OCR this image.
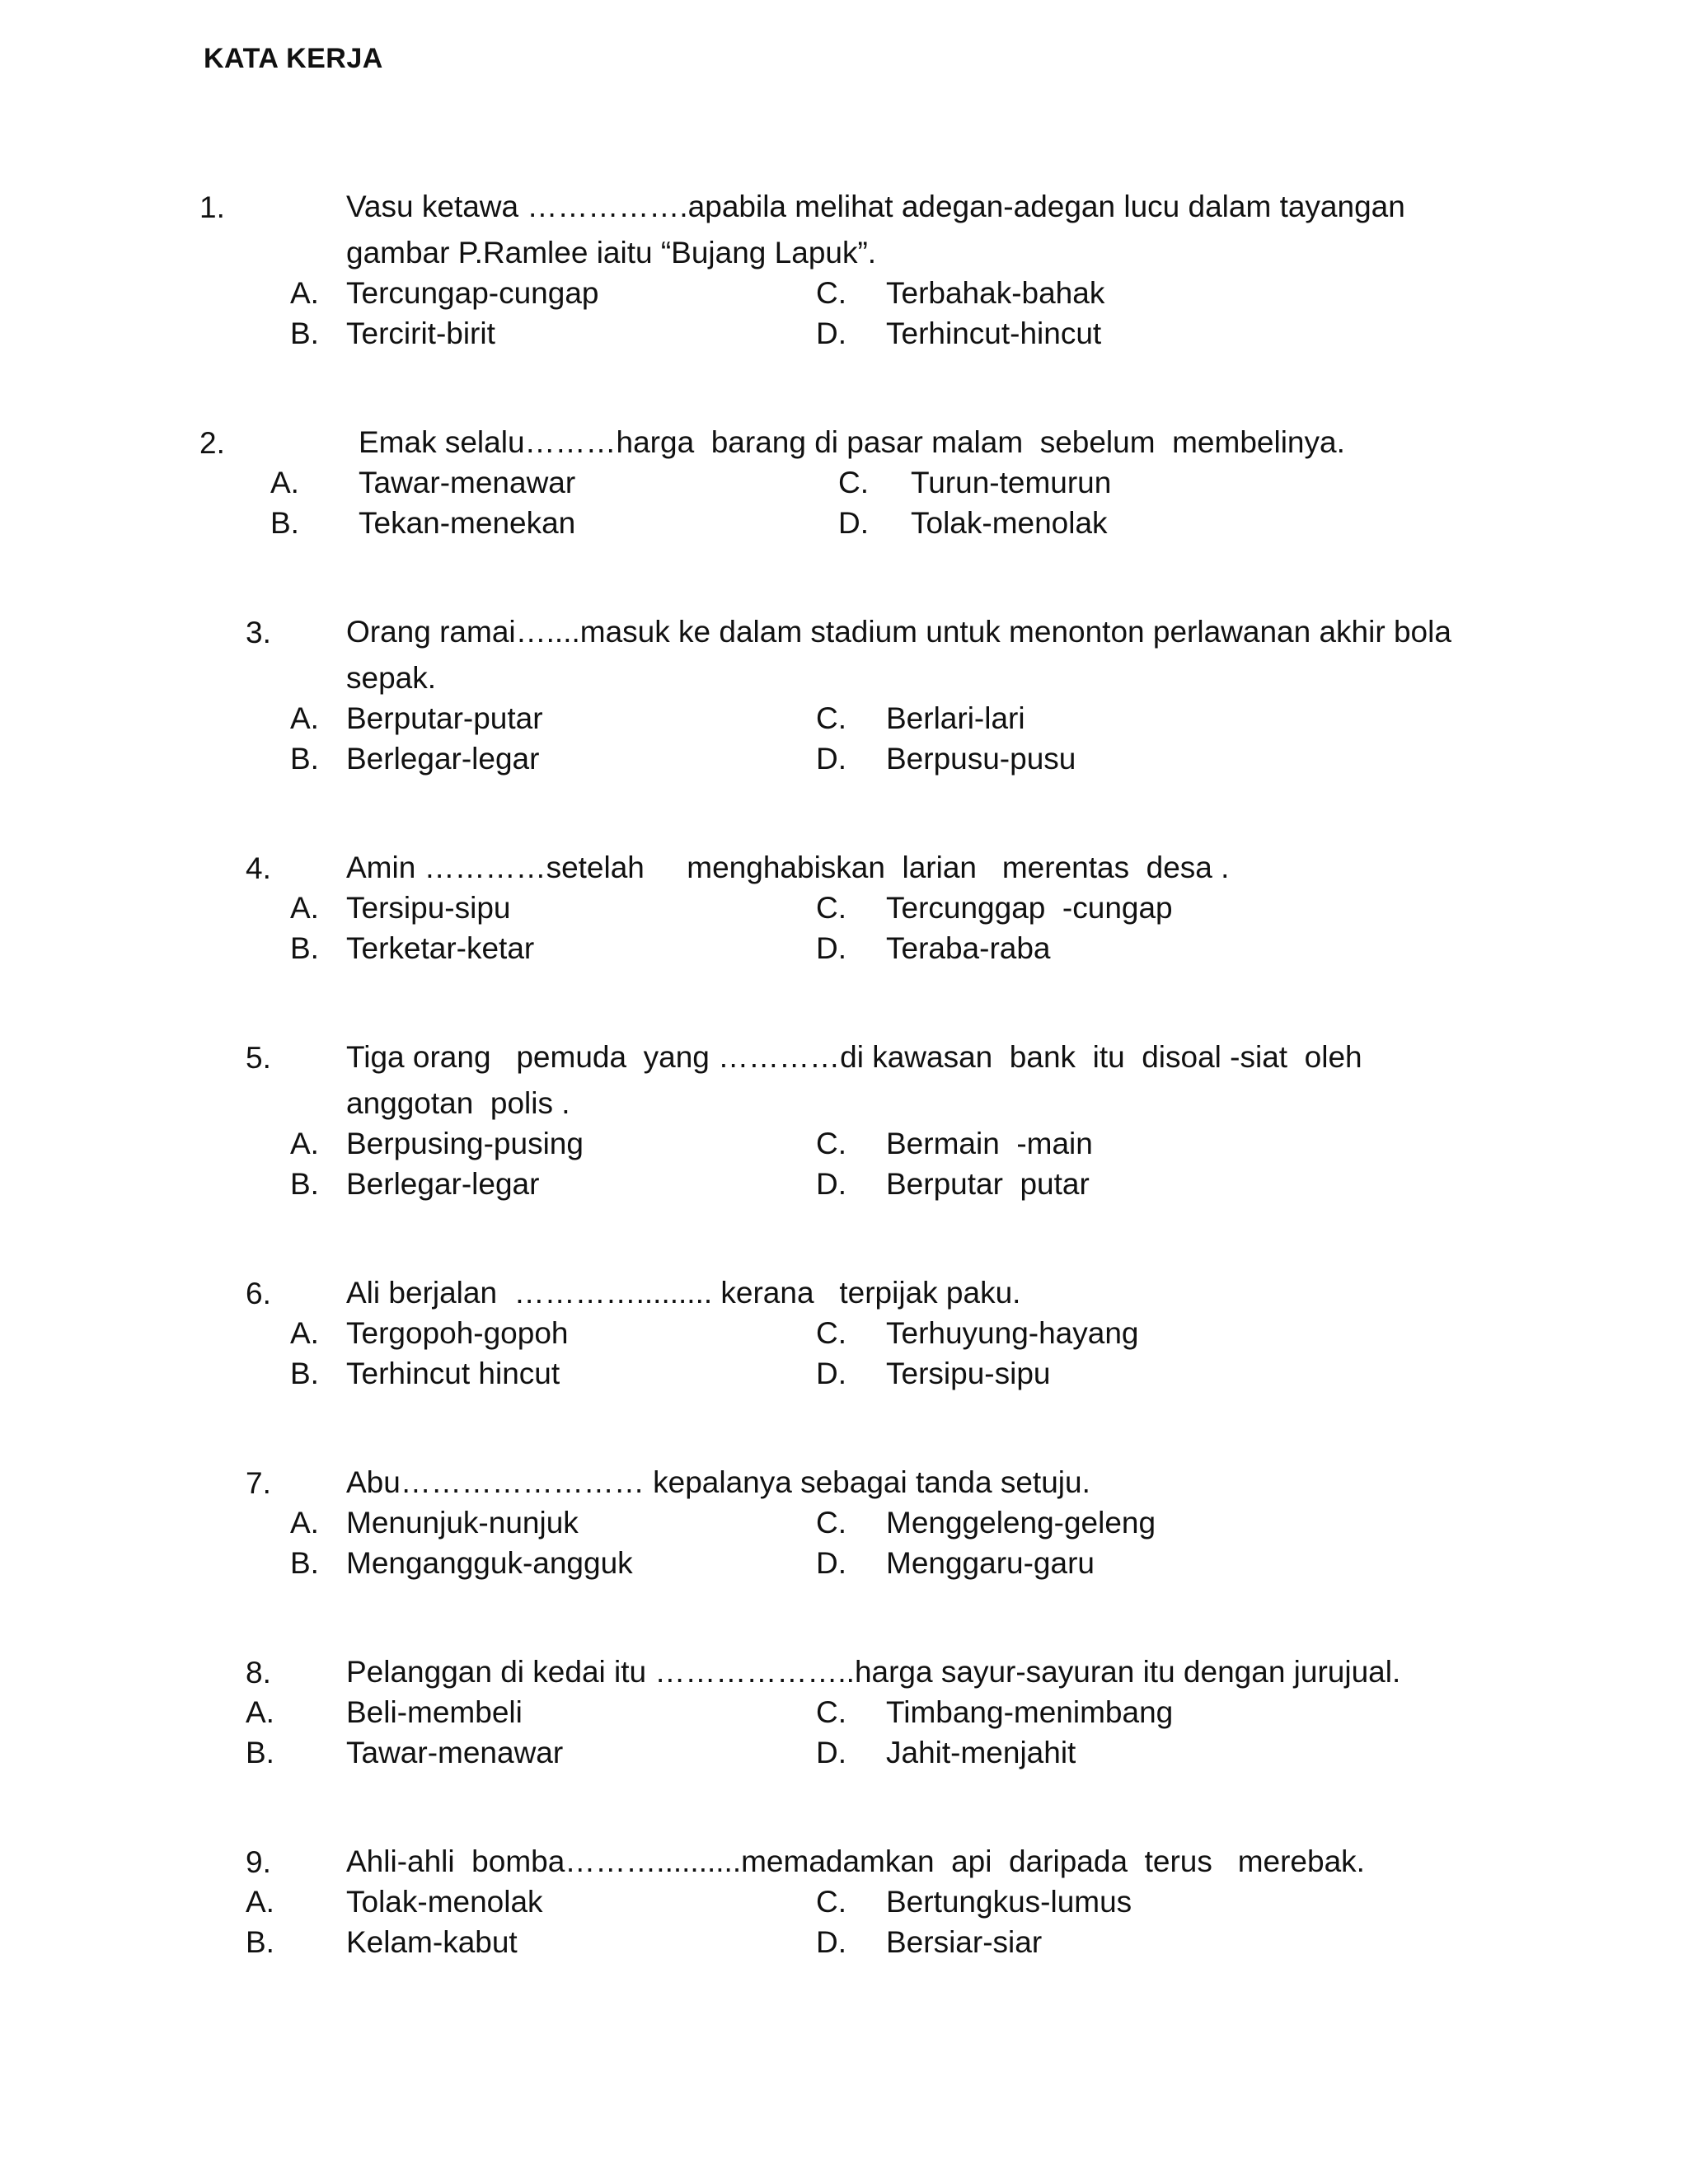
KATA KERJA

1.

	Vasu ketawa …………….apabila melihat adegan-adegan lucu dalam tayangan
gambar P.Ramlee iaitu “Bujang Lapuk”.

A.

Tercungap-cungap

B.

Tercirit-birit

C.

Terbahak-bahak

D.

Terhincut-hincut

2.

	Emak selalu………harga  barang di pasar malam  sebelum  membelinya.

A.

Tawar-menawar

B.

Tekan-menekan

C.

Turun-temurun

D.

Tolak-menolak

3.

Orang ramai…....masuk ke dalam stadium untuk menonton perlawanan akhir bola
sepak.

A.

Berputar-putar

B.

Berlegar-legar

C.

Berlari-lari

D.

Berpusu-pusu

4.

Amin …………setelah     menghabiskan  larian   merentas  desa .

A.

Tersipu-sipu

B.

Terketar-ketar

C.

Tercunggap  -cungap

D.

Teraba-raba

5.

Tiga orang   pemuda  yang …………di kawasan  bank  itu  disoal -siat  oleh
anggotan  polis .

A.

Berpusing-pusing

B.

Berlegar-legar

C.

Bermain  -main

D.

Berputar  putar

6.

Ali berjalan  …………......... kerana   terpijak paku.

A.

Tergopoh-gopoh

B.

Terhincut hincut

C.

Terhuyung-hayang

D.

Tersipu-sipu

7.

Abu…………………… kepalanya sebagai tanda setuju.

A.

Menunjuk-nunjuk

B.

Mengangguk-angguk

C.

Menggeleng-geleng

D.

Menggaru-garu

8.

Pelanggan di kedai itu ………………..harga sayur-sayuran itu dengan jurujual.

A.

Beli-membeli

B.

Tawar-menawar

C.

Timbang-menimbang

D.

Jahit-menjahit

9.

Ahli-ahli  bomba………..........memadamkan  api  daripada  terus   merebak.

A.

Tolak-menolak

B.

Kelam-kabut

C.

Bertungkus-lumus

D.

Bersiar-siar
